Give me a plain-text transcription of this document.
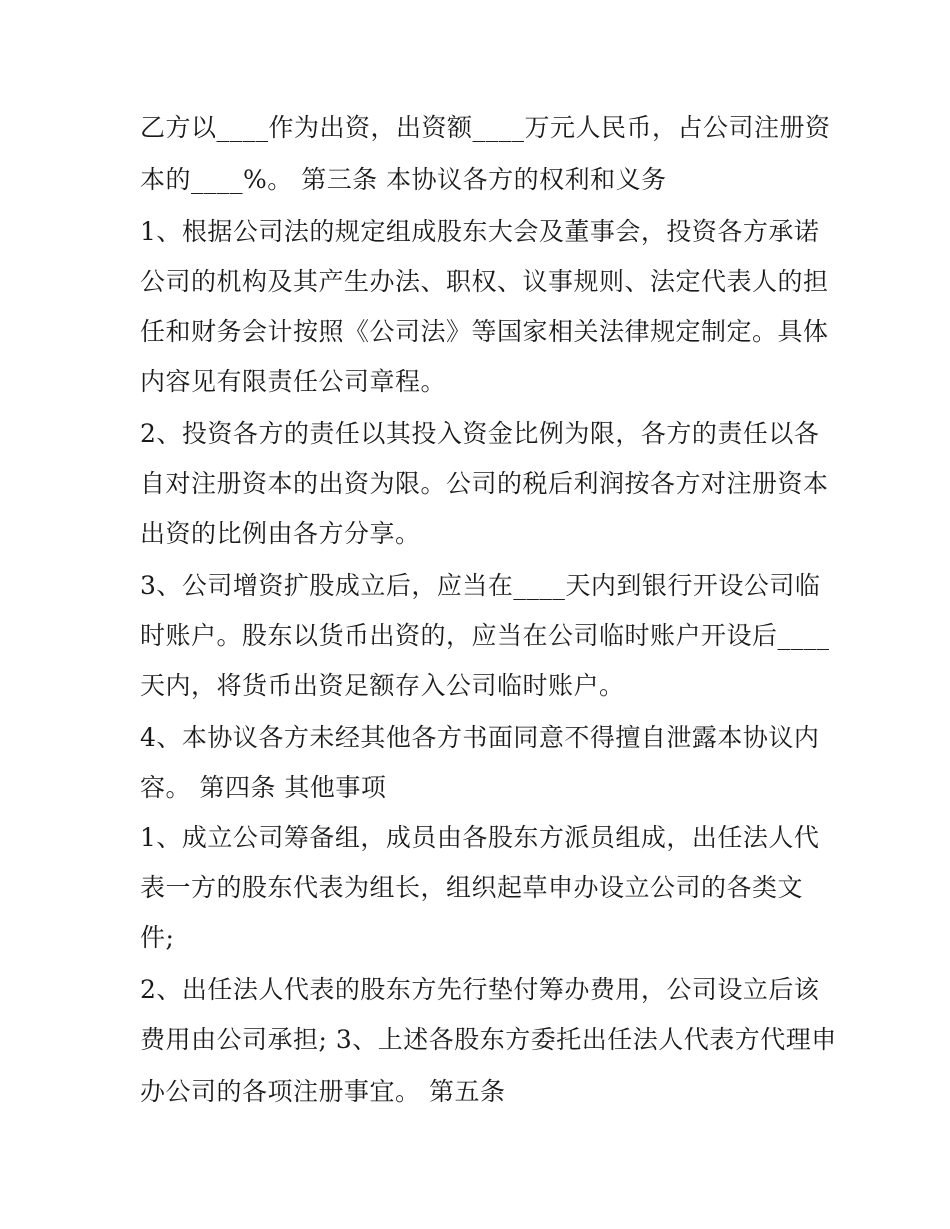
乙方以____作为出资，出资额____万元人民币，占公司注册资
本的____%。 第三条 本协议各方的权利和义务
1、根据公司法的规定组成股东大会及董事会，投资各方承诺
公司的机构及其产生办法、职权、议事规则、法定代表人的担
任和财务会计按照《公司法》等国家相关法律规定制定。具体
内容见有限责任公司章程。
2、投资各方的责任以其投入资金比例为限，各方的责任以各
自对注册资本的出资为限。公司的税后利润按各方对注册资本
出资的比例由各方分享。
3、公司增资扩股成立后，应当在____天内到银行开设公司临
时账户。股东以货币出资的，应当在公司临时账户开设后____
天内，将货币出资足额存入公司临时账户。
4、本协议各方未经其他各方书面同意不得擅自泄露本协议内
容。 第四条 其他事项
1、成立公司筹备组，成员由各股东方派员组成，出任法人代
表一方的股东代表为组长，组织起草申办设立公司的各类文
件;
2、出任法人代表的股东方先行垫付筹办费用，公司设立后该
费用由公司承担; 3、上述各股东方委托出任法人代表方代理申
办公司的各项注册事宜。 第五条
